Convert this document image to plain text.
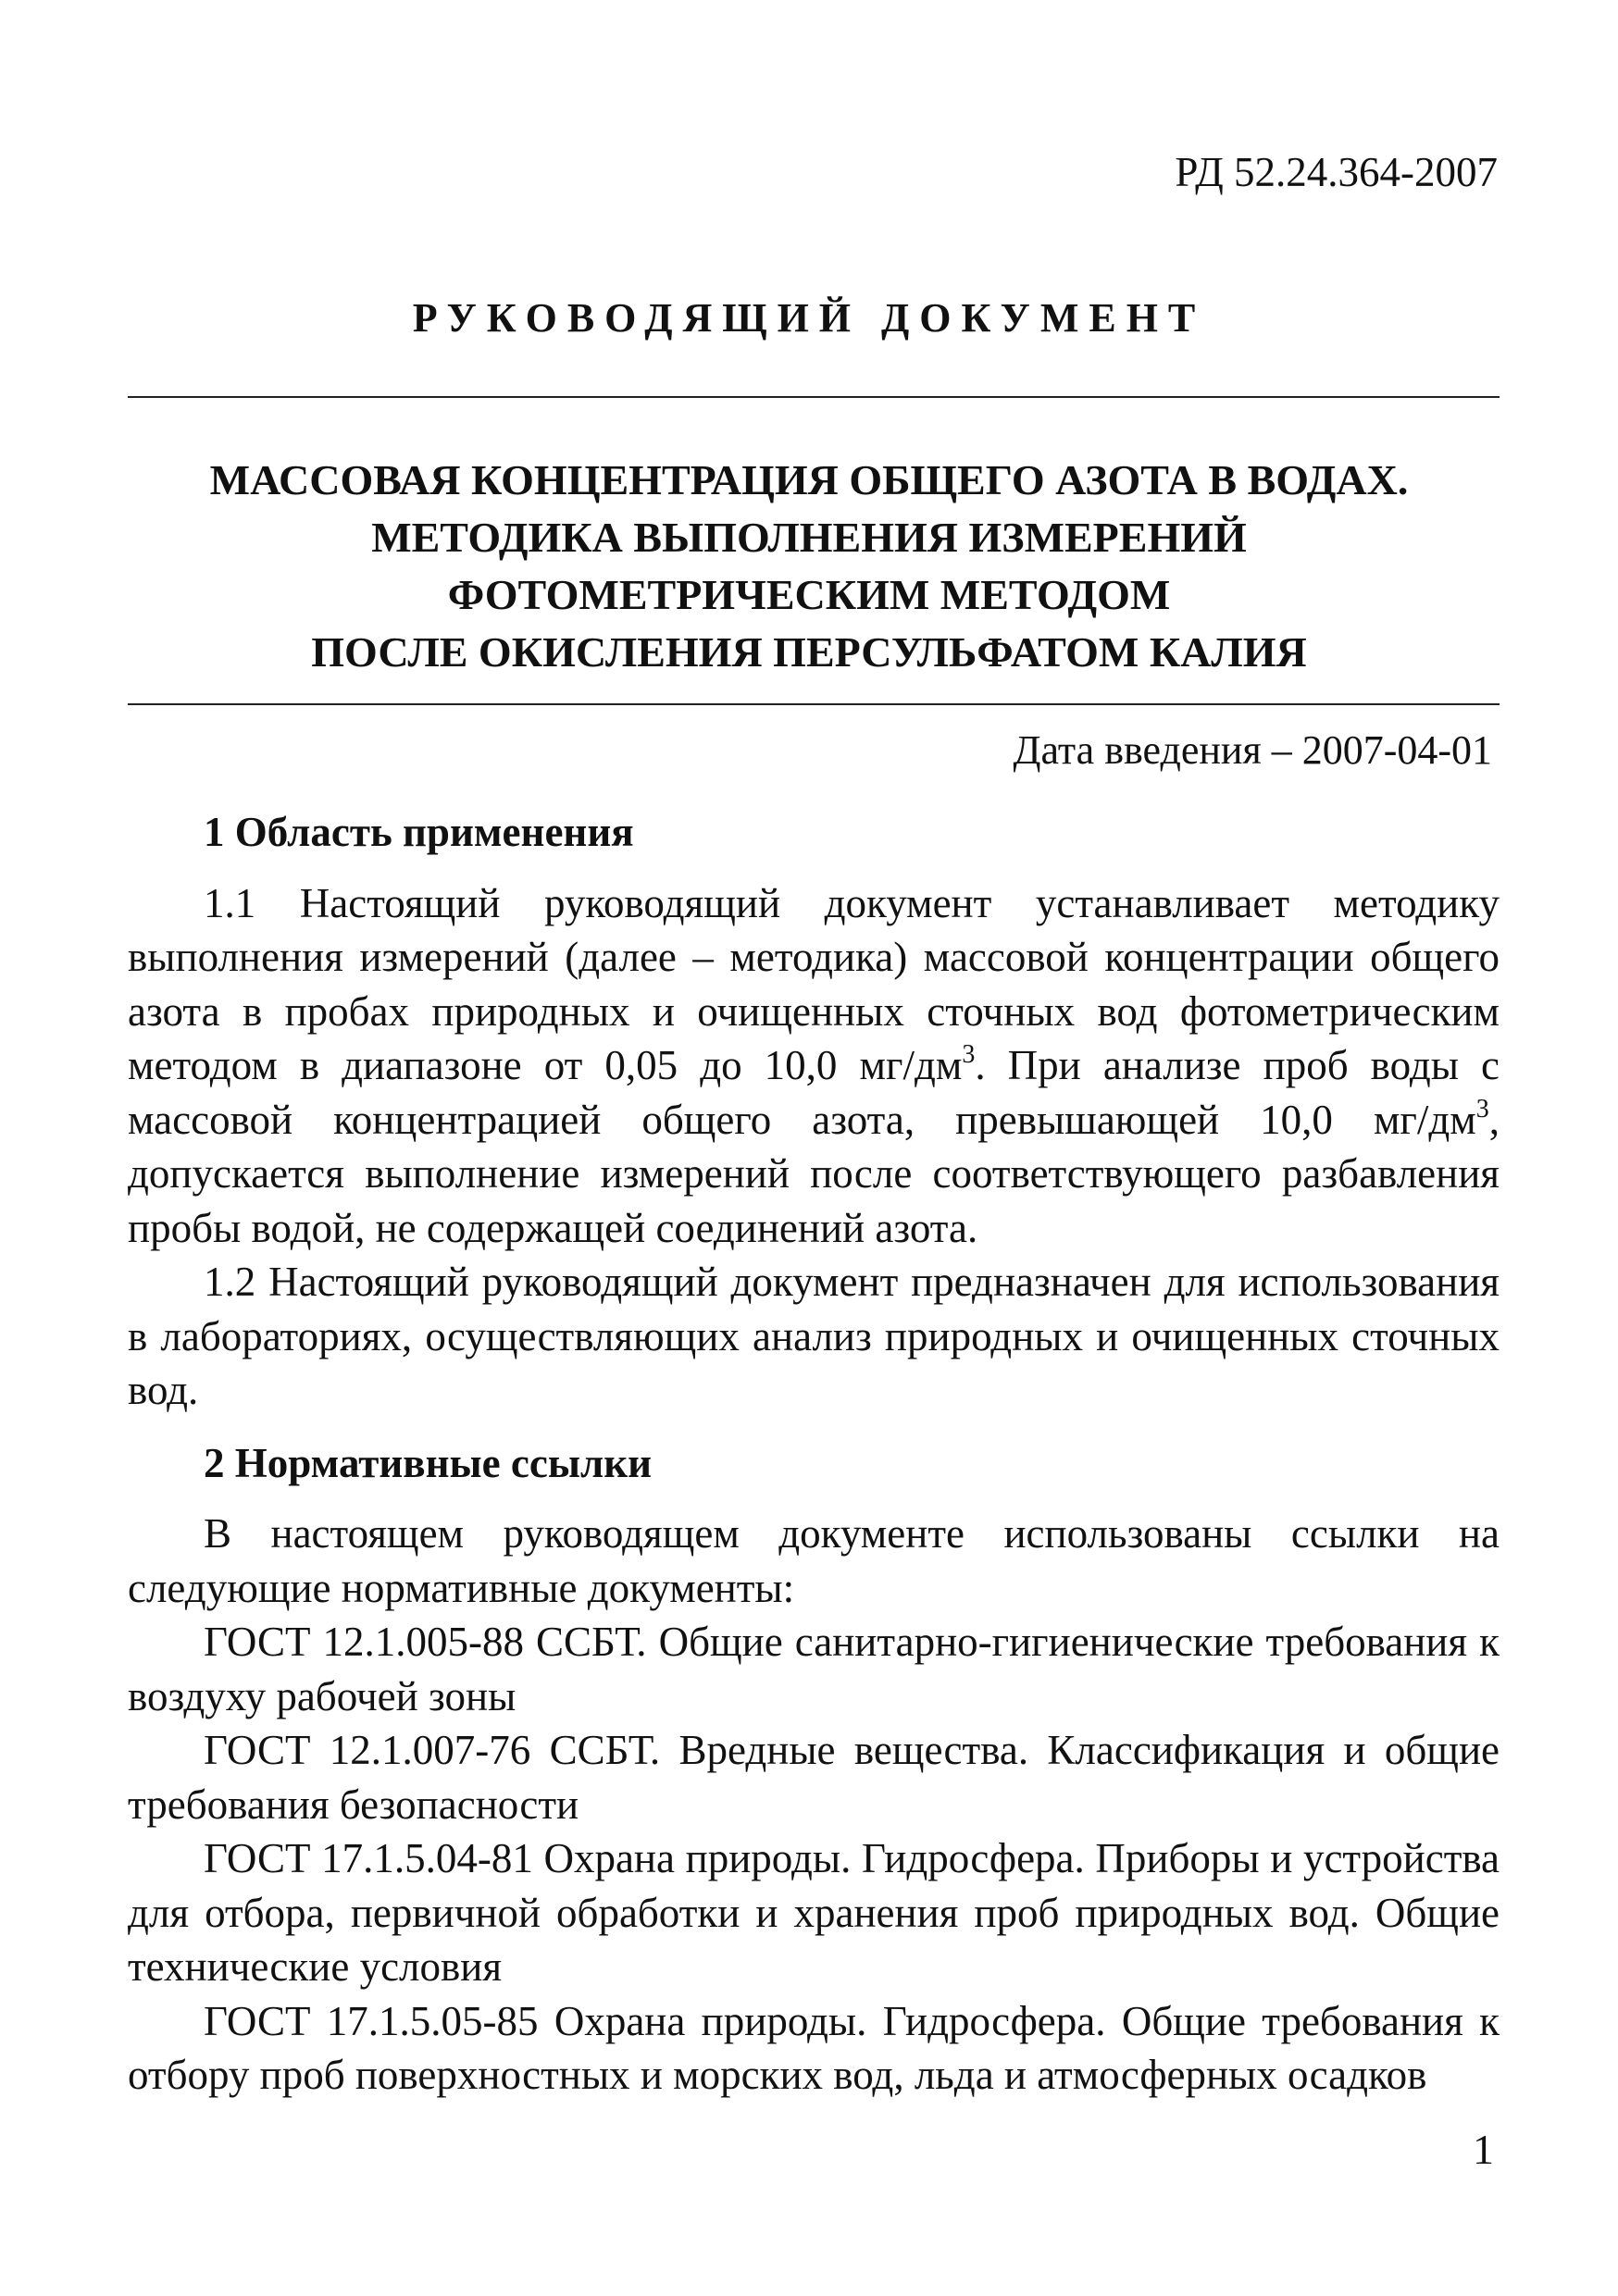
РД 52.24.364-2007
РУКОВОДЯЩИЙ ДОКУМЕНТ
МАССОВАЯ КОНЦЕНТРАЦИЯ ОБЩЕГО АЗОТА В ВОДАХ.
МЕТОДИКА ВЫПОЛНЕНИЯ ИЗМЕРЕНИЙ
ФОТОМЕТРИЧЕСКИМ МЕТОДОМ
ПОСЛЕ ОКИСЛЕНИЯ ПЕРСУЛЬФАТОМ КАЛИЯ
Дата введения – 2007-04-01
1 Область применения

1.1 Настоящий руководящий документ устанавливает методику выполнения измерений (далее – методика) массовой концентрации общего азота в пробах природных и очищенных сточных вод фотометрическим методом в диапазоне от 0,05 до 10,0 $мг/дм^3$. При анализе проб воды с массовой концентрацией общего азота, превышающей 10,0 $мг/дм^3$, допускается выполнение измерений после соответствующего разбавления пробы водой, не содержащей соединений азота.

1.2 Настоящий руководящий документ предназначен для использования в лабораториях, осуществляющих анализ природных и очищенных сточных вод.

2 Нормативные ссылки

В настоящем руководящем документе использованы ссылки на следующие нормативные документы:

ГОСТ 12.1.005-88 ССБТ. Общие санитарно-гигиенические требования к воздуху рабочей зоны

ГОСТ 12.1.007-76 ССБТ. Вредные вещества. Классификация и общие требования безопасности

ГОСТ 17.1.5.04-81 Охрана природы. Гидросфера. Приборы и устройства для отбора, первичной обработки и хранения проб природных вод. Общие технические условия

ГОСТ 17.1.5.05-85 Охрана природы. Гидросфера. Общие требования к отбору проб поверхностных и морских вод, льда и атмосферных осадков

1
